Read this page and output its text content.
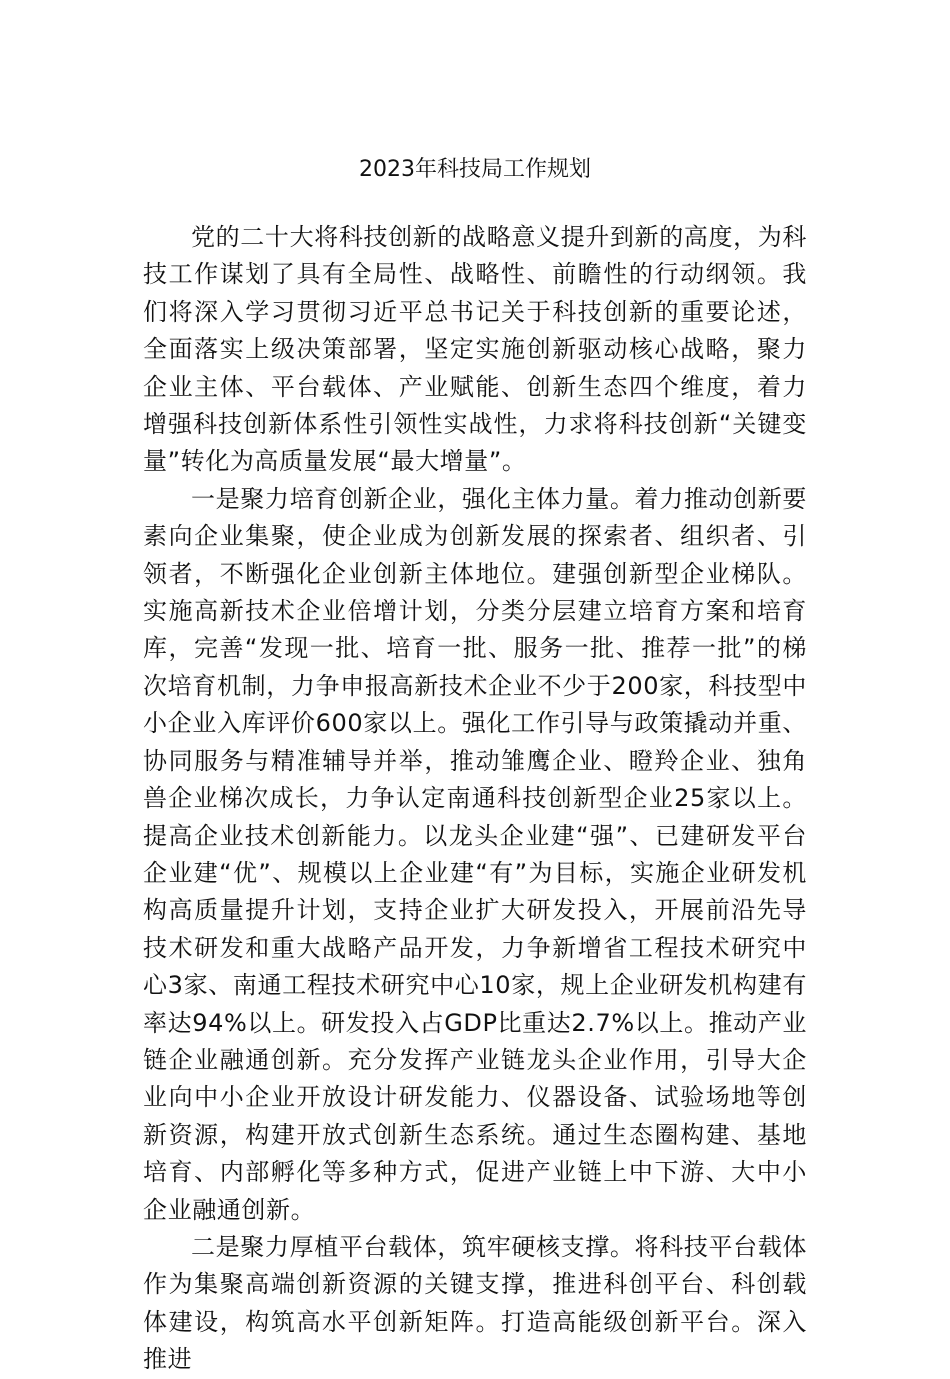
2023年科技局工作规划

党的二十大将科技创新的战略意义提升到新的高度，为科技工作谋划了具有全局性、战略性、前瞻性的行动纲领。我们将深入学习贯彻习近平总书记关于科技创新的重要论述，全面落实上级决策部署，坚定实施创新驱动核心战略，聚力企业主体、平台载体、产业赋能、创新生态四个维度，着力增强科技创新体系性引领性实战性，力求将科技创新“关键变量”转化为高质量发展“最大增量”。

一是聚力培育创新企业，强化主体力量。着力推动创新要素向企业集聚，使企业成为创新发展的探索者、组织者、引领者，不断强化企业创新主体地位。建强创新型企业梯队。实施高新技术企业倍增计划，分类分层建立培育方案和培育库，完善“发现一批、培育一批、服务一批、推荐一批”的梯次培育机制，力争申报高新技术企业不少于200家，科技型中小企业入库评价600家以上。强化工作引导与政策撬动并重、协同服务与精准辅导并举，推动雏鹰企业、瞪羚企业、独角兽企业梯次成长，力争认定南通科技创新型企业25家以上。提高企业技术创新能力。以龙头企业建“强”、已建研发平台企业建“优”、规模以上企业建“有”为目标，实施企业研发机构高质量提升计划，支持企业扩大研发投入，开展前沿先导技术研发和重大战略产品开发，力争新增省工程技术研究中心3家、南通工程技术研究中心10家，规上企业研发机构建有率达94%以上。研发投入占GDP比重达2.7%以上。推动产业链企业融通创新。充分发挥产业链龙头企业作用，引导大企业向中小企业开放设计研发能力、仪器设备、试验场地等创新资源，构建开放式创新生态系统。通过生态圈构建、基地培育、内部孵化等多种方式，促进产业链上中下游、大中小企业融通创新。

二是聚力厚植平台载体，筑牢硬核支撑。将科技平台载体作为集聚高端创新资源的关键支撑，推进科创平台、科创载体建设，构筑高水平创新矩阵。打造高能级创新平台。深入推进
